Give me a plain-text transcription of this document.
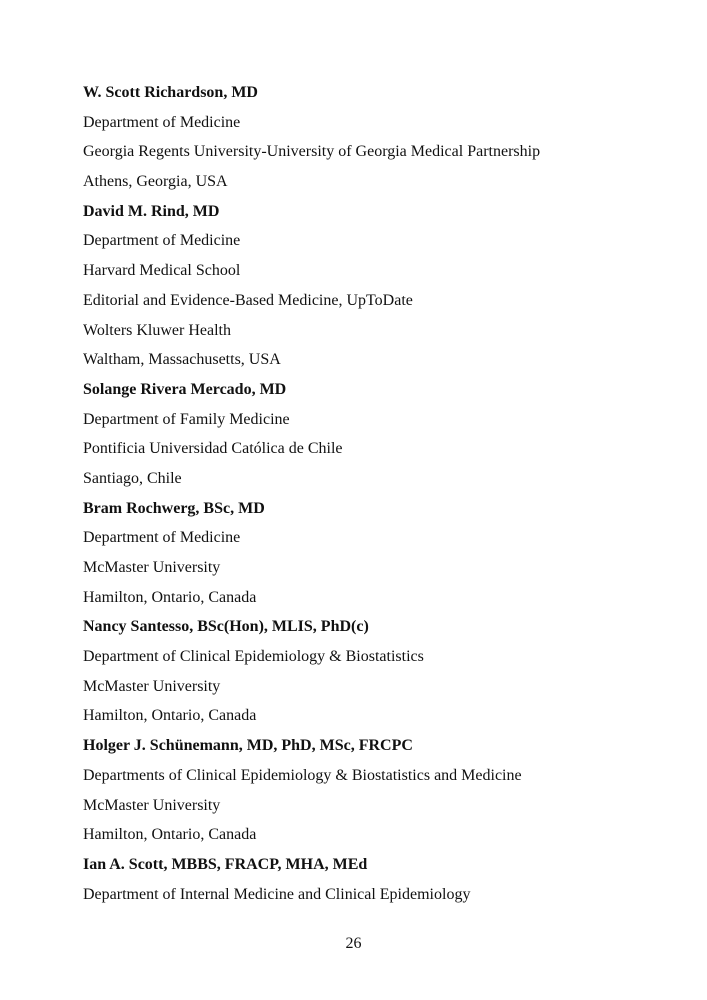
W. Scott Richardson, MD
Department of Medicine
Georgia Regents University-University of Georgia Medical Partnership
Athens, Georgia, USA
David M. Rind, MD
Department of Medicine
Harvard Medical School
Editorial and Evidence-Based Medicine, UpToDate
Wolters Kluwer Health
Waltham, Massachusetts, USA
Solange Rivera Mercado, MD
Department of Family Medicine
Pontificia Universidad Católica de Chile
Santiago, Chile
Bram Rochwerg, BSc, MD
Department of Medicine
McMaster University
Hamilton, Ontario, Canada
Nancy Santesso, BSc(Hon), MLIS, PhD(c)
Department of Clinical Epidemiology & Biostatistics
McMaster University
Hamilton, Ontario, Canada
Holger J. Schünemann, MD, PhD, MSc, FRCPC
Departments of Clinical Epidemiology & Biostatistics and Medicine
McMaster University
Hamilton, Ontario, Canada
Ian A. Scott, MBBS, FRACP, MHA, MEd
Department of Internal Medicine and Clinical Epidemiology
26
